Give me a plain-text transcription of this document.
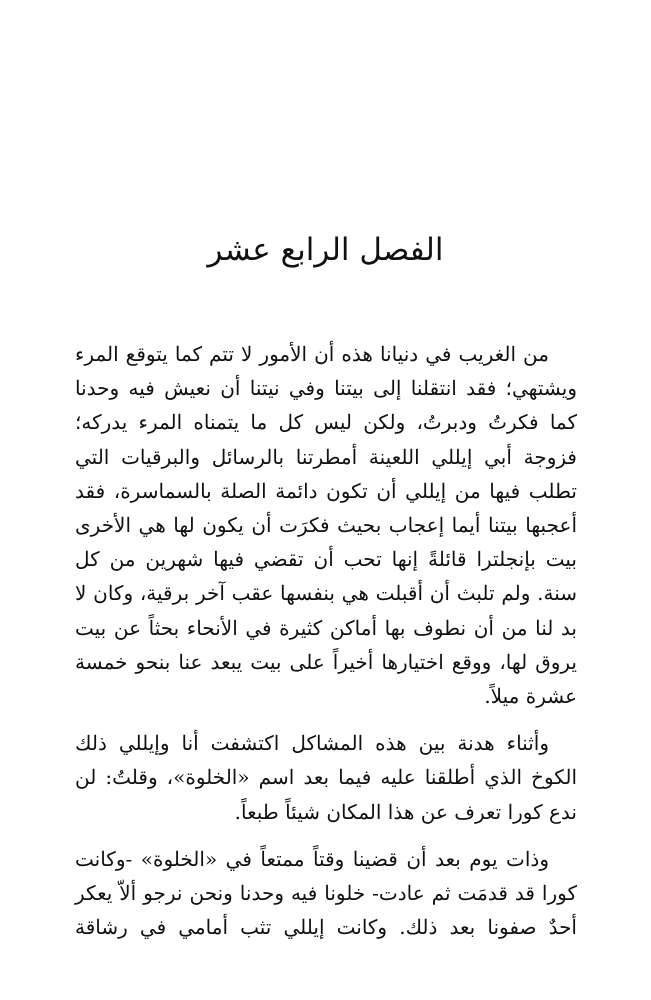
الفصل الرابع عشر

من الغريب في دنيانا هذه أن الأمور لا تتم كما يتوقع المرء ويشتهي؛ فقد انتقلنا إلى بيتنا وفي نيتنا أن نعيش فيه وحدنا كما فكرتُ ودبرتُ، ولكن ليس كل ما يتمناه المرء يدركه؛ فزوجة أبي إيللي اللعينة أمطرتنا بالرسائل والبرقيات التي تطلب فيها من إيللي أن تكون دائمة الصلة بالسماسرة، فقد أعجبها بيتنا أيما إعجاب بحيث فكرَت أن يكون لها هي الأخرى بيت بإنجلترا قائلةً إنها تحب أن تقضي فيها شهرين من كل سنة. ولم تلبث أن أقبلت هي بنفسها عقب آخر برقية، وكان لا بد لنا من أن نطوف بها أماكن كثيرة في الأنحاء بحثاً عن بيت يروق لها، ووقع اختيارها أخيراً على بيت يبعد عنا بنحو خمسة عشرة ميلاً.

وأثناء هدنة بين هذه المشاكل اكتشفت أنا وإيللي ذلك الكوخ الذي أطلقنا عليه فيما بعد اسم «الخلوة»، وقلتُ: لن ندع كورا تعرف عن هذا المكان شيئاً طبعاً.

وذات يوم بعد أن قضينا وقتاً ممتعاً في «الخلوة» -وكانت كورا قد قدمَت ثم عادت- خلونا فيه وحدنا ونحن نرجو ألاّ يعكر أحدٌ صفونا بعد ذلك. وكانت إيللي تثب أمامي في رشاقة
